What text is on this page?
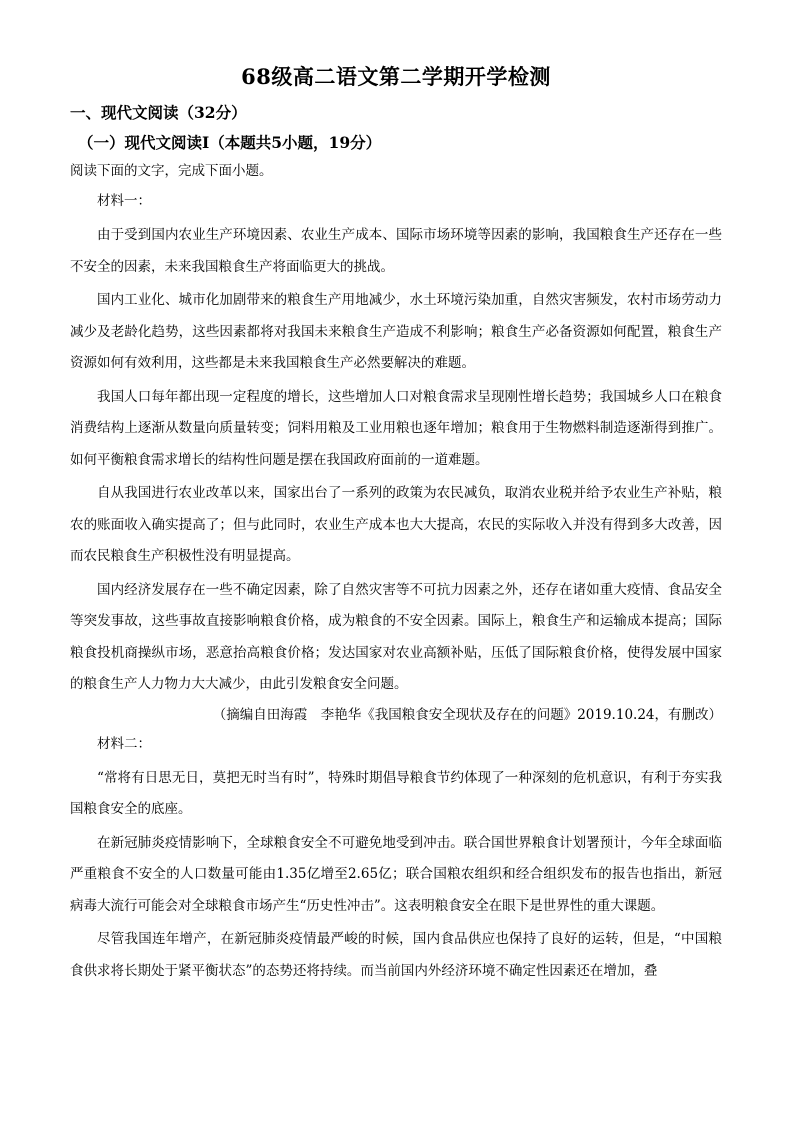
68级高二语文第二学期开学检测
一、现代文阅读（32分）
（一）现代文阅读Ⅰ（本题共5小题，19分）
阅读下面的文字，完成下面小题。
材料一：

由于受到国内农业生产环境因素、农业生产成本、国际市场环境等因素的影响，我国粮食生产还存在一些不安全的因素，未来我国粮食生产将面临更大的挑战。

国内工业化、城市化加剧带来的粮食生产用地减少，水土环境污染加重，自然灾害频发，农村市场劳动力减少及老龄化趋势，这些因素都将对我国未来粮食生产造成不利影响；粮食生产必备资源如何配置，粮食生产资源如何有效利用，这些都是未来我国粮食生产必然要解决的难题。

我国人口每年都出现一定程度的增长，这些增加人口对粮食需求呈现刚性增长趋势；我国城乡人口在粮食消费结构上逐渐从数量向质量转变；饲料用粮及工业用粮也逐年增加；粮食用于生物燃料制造逐渐得到推广。如何平衡粮食需求增长的结构性问题是摆在我国政府面前的一道难题。

自从我国进行农业改革以来，国家出台了一系列的政策为农民减负，取消农业税并给予农业生产补贴，粮农的账面收入确实提高了；但与此同时，农业生产成本也大大提高，农民的实际收入并没有得到多大改善，因而农民粮食生产积极性没有明显提高。

国内经济发展存在一些不确定因素，除了自然灾害等不可抗力因素之外，还存在诸如重大疫情、食品安全等突发事故，这些事故直接影响粮食价格，成为粮食的不安全因素。国际上，粮食生产和运输成本提高；国际粮食投机商操纵市场，恶意抬高粮食价格；发达国家对农业高额补贴，压低了国际粮食价格，使得发展中国家的粮食生产人力物力大大减少，由此引发粮食安全问题。

（摘编自田海霞　李艳华《我国粮食安全现状及存在的问题》2019.10.24，有删改）
材料二：

“常将有日思无日，莫把无时当有时”，特殊时期倡导粮食节约体现了一种深刻的危机意识，有利于夯实我国粮食安全的底座。

在新冠肺炎疫情影响下，全球粮食安全不可避免地受到冲击。联合国世界粮食计划署预计，今年全球面临严重粮食不安全的人口数量可能由1.35亿增至2.65亿；联合国粮农组织和经合组织发布的报告也指出，新冠病毒大流行可能会对全球粮食市场产生“历史性冲击”。这表明粮食安全在眼下是世界性的重大课题。

尽管我国连年增产，在新冠肺炎疫情最严峻的时候，国内食品供应也保持了良好的运转，但是，“中国粮食供求将长期处于紧平衡状态”的态势还将持续。而当前国内外经济环境不确定性因素还在增加，叠
